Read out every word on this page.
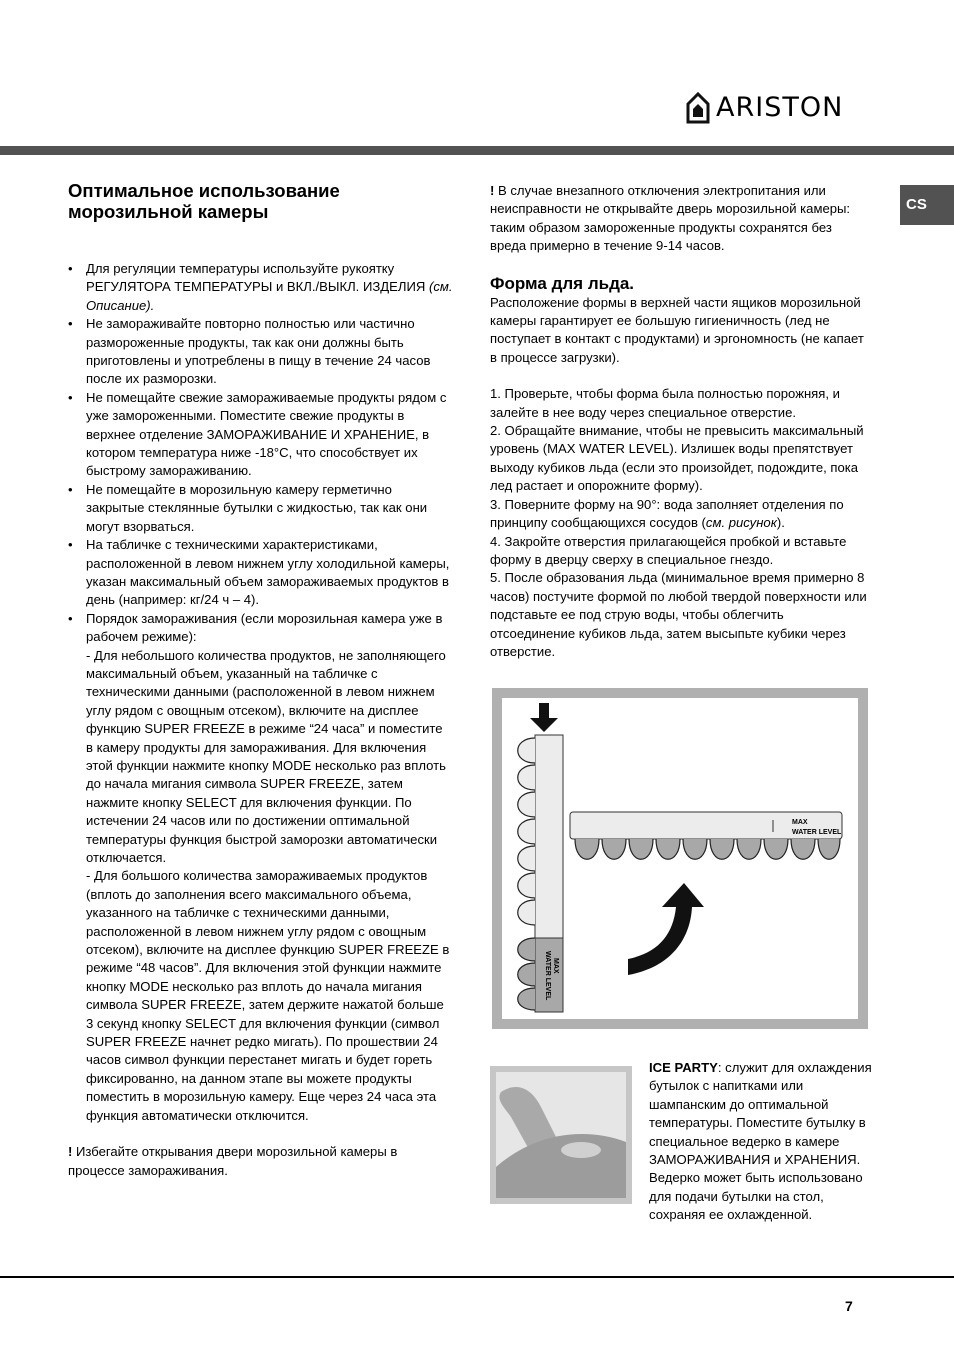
ARISTON
CS
Оптимальное использование
морозильной камеры
• Для регуляции температуры используйте рукоятку РЕГУЛЯТОРА ТЕМПЕРАТУРЫ и ВКЛ./ВЫКЛ. ИЗДЕЛИЯ (см. Описание).
• Не замораживайте повторно полностью или частично размороженные продукты, так как они должны быть приготовлены и употреблены в пищу в течение 24 часов после их разморозки.
• Не помещайте свежие замораживаемые продукты рядом с уже замороженными. Поместите свежие продукты в верхнее отделение ЗАМОРАЖИВАНИЕ И ХРАНЕНИЕ, в котором температура ниже -18°C, что способствует их быстрому замораживанию.
• Не помещайте в морозильную камеру герметично закрытые стеклянные бутылки с жидкостью, так как они могут взорваться.
• На табличке с техническими характеристиками, расположенной в левом нижнем углу холодильной камеры, указан максимальный объем замораживаемых продуктов в день (например: кг/24 ч – 4).
• Порядок замораживания (если морозильная камера уже в рабочем режиме):
- Для небольшого количества продуктов, не заполняющего максимальный объем, указанный на табличке с техническими данными (расположенной в левом нижнем углу рядом с овощным отсеком), включите на дисплее функцию SUPER FREEZE в режиме “24 часа” и поместите в камеру продукты для замораживания. Для включения этой функции нажмите кнопку MODE несколько раз вплоть до начала мигания символа SUPER FREEZE, затем нажмите кнопку SELECT для включения функции. По истечении 24 часов или по достижении оптимальной температуры функция быстрой заморозки автоматически отключается.
- Для большого количества замораживаемых продуктов (вплоть до заполнения всего максимального объема, указанного на табличке с техническими данными, расположенной в левом нижнем углу рядом с овощным отсеком), включите на дисплее функцию SUPER FREEZE в режиме “48 часов”. Для включения этой функции нажмите кнопку MODE несколько раз вплоть до начала мигания символа SUPER FREEZE, затем держите нажатой больше 3 секунд кнопку SELECT для включения функции (символ SUPER FREEZE начнет редко мигать). По прошествии 24 часов символ функции перестанет мигать и будет гореть фиксированно, на данном этапе вы можете продукты поместить в морозильную камеру. Еще через 24 часа эта функция автоматически отключится.

! Избегайте открывания двери морозильной камеры в процессе замораживания.

! В случае внезапного отключения электропитания или неисправности не открывайте дверь морозильной камеры: таким образом замороженные продукты сохранятся без вреда примерно в течение 9-14 часов.

Форма для льда.

Расположение формы в верхней части ящиков морозильной камеры гарантирует ее большую гигиеничность (лед не поступает в контакт с продуктами) и эргономность (не капает в процессе загрузки).

1. Проверьте, чтобы форма была полностью порожняя, и залейте в нее воду через специальное отверстие.
2. Обращайте внимание, чтобы не превысить максимальный уровень (MAX WATER LEVEL). Излишек воды препятствует выходу кубиков льда (если это произойдет, подождите, пока лед растает и опорожните форму).
3. Поверните форму на 90°: вода заполняет отделения по принципу сообщающихся сосудов (см. рисунок).
4. Закройте отверстия прилагающейся пробкой и вставьте форму в дверцу сверху в специальное гнездо.
5. После образования льда (минимальное время примерно 8 часов) постучите формой по любой твердой поверхности или подставьте ее под струю воды, чтобы облегчить отсоединение кубиков льда, затем высыпьте кубики через отверстие.
MAX
WATER LEVEL
MAX
WATER LEVEL
ICE PARTY: служит для охлаждения бутылок с напитками или шампанским до оптимальной температуры. Поместите бутылку в специальное ведерко в камере ЗАМОРАЖИВАНИЯ и ХРАНЕНИЯ. Ведерко может быть использовано для подачи бутылки на стол, сохраняя ее охлажденной.
7
